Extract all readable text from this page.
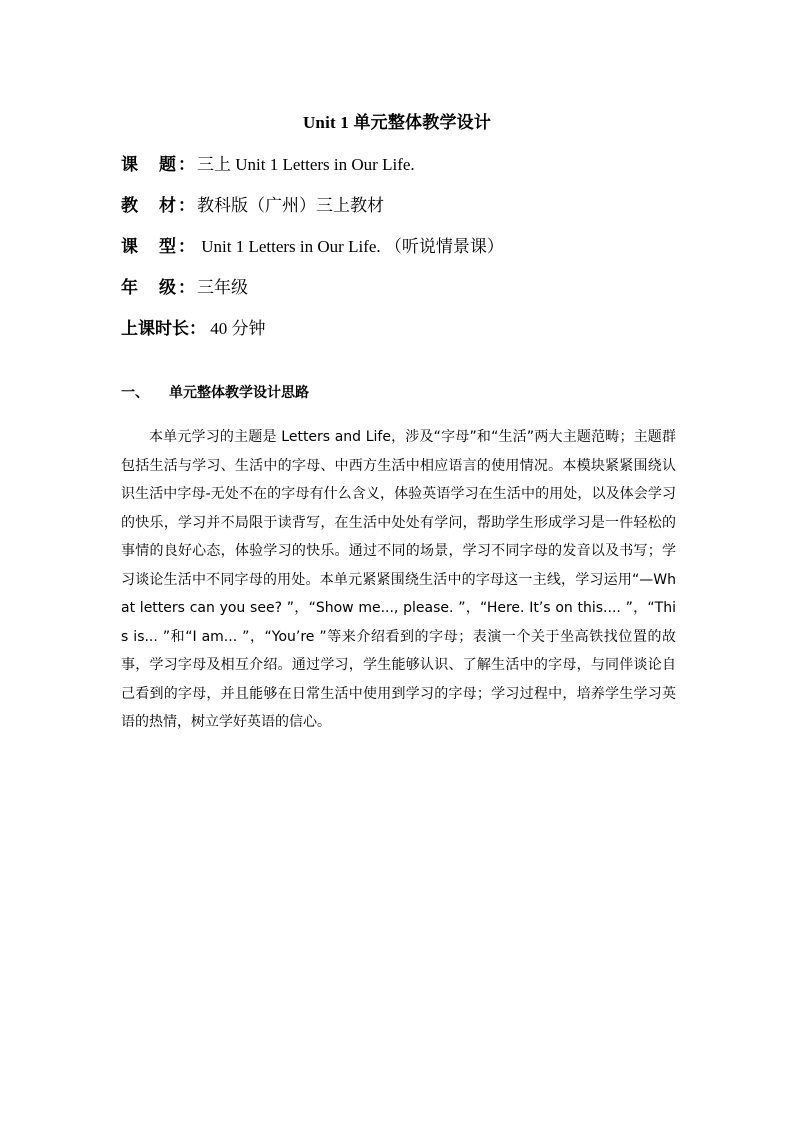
Unit 1 单元整体教学设计
课　题：三上 Unit 1 Letters in Our Life.
教　材：教科版（广州）三上教材
课　型： Unit 1 Letters in Our Life. （听说情景课）
年　级：三年级
上课时长： 40 分钟
一、 单元整体教学设计思路
本单元学习的主题是 Letters and Life，涉及“字母”和“生活”两大主题范畴；主题群包括生活与学习、生活中的字母、中西方生活中相应语言的使用情况。本模块紧紧围绕认识生活中字母-无处不在的字母有什么含义，体验英语学习在生活中的用处，以及体会学习的快乐，学习并不局限于读背写，在生活中处处有学问，帮助学生形成学习是一件轻松的事情的良好心态，体验学习的快乐。通过不同的场景，学习不同字母的发音以及书写；学习谈论生活中不同字母的用处。本单元紧紧围绕生活中的字母这一主线，学习运用“—What letters can you see? ”，“Show me..., please. ”，“Here. It’s on this.... ”，“This is... ”和“I am... ”，“You’re ”等来介绍看到的字母；表演一个关于坐高铁找位置的故事，学习字母及相互介绍。通过学习，学生能够认识、了解生活中的字母，与同伴谈论自己看到的字母，并且能够在日常生活中使用到学习的字母；学习过程中，培养学生学习英语的热情，树立学好英语的信心。
